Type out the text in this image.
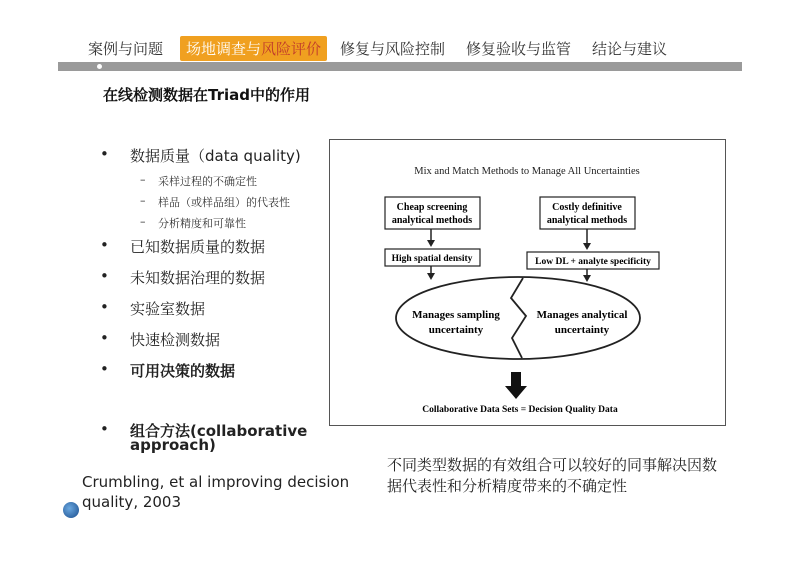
案例与问题	场地调查与风险评价	修复与风险控制 修复验收与监管 结论与建议
在线检测数据在Triad中的作用
•	数据质量（data quality)
– 采样过程的不确定性
– 样品（或样品组）的代表性
– 分析精度和可靠性
•	已知数据质量的数据
•	未知数据治理的数据
•	实验室数据
•	快速检测数据
•	可用决策的数据
•	组合方法(collaborative
approach)
Crumbling, et al improving decision quality, 2003
不同类型数据的有效组合可以较好的同事解决因数据代表性和分析精度带来的不确定性
Mix and Match Methods to Manage All Uncertainties
Cheap screening
analytical methods
Costly definitive
analytical methods
High spatial density	Low DL + analyte specificity
Manages sampling
uncertainty
Manages analytical
uncertainty
Collaborative Data Sets = Decision Quality Data
